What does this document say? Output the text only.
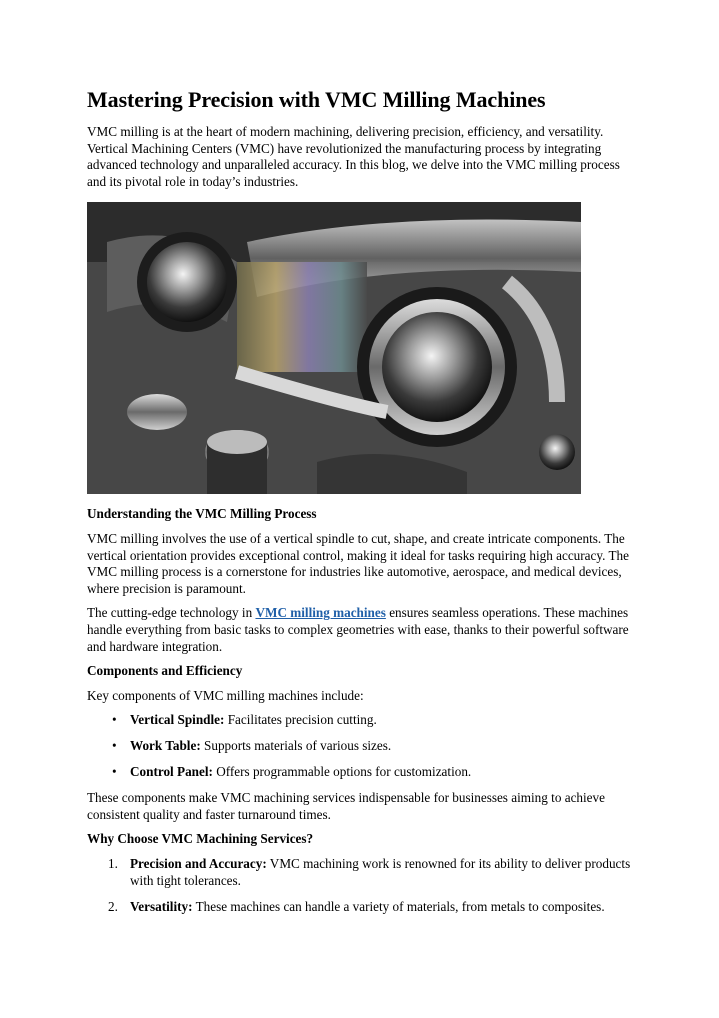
Mastering Precision with VMC Milling Machines

VMC milling is at the heart of modern machining, delivering precision, efficiency, and versatility. Vertical Machining Centers (VMC) have revolutionized the manufacturing process by integrating advanced technology and unparalleled accuracy. In this blog, we delve into the VMC milling process and its pivotal role in today’s industries.

Understanding the VMC Milling Process

VMC milling involves the use of a vertical spindle to cut, shape, and create intricate components. The vertical orientation provides exceptional control, making it ideal for tasks requiring high accuracy. The VMC milling process is a cornerstone for industries like automotive, aerospace, and medical devices, where precision is paramount.

The cutting-edge technology in VMC milling machines ensures seamless operations. These machines handle everything from basic tasks to complex geometries with ease, thanks to their powerful software and hardware integration.

Components and Efficiency

Key components of VMC milling machines include:

• Vertical Spindle: Facilitates precision cutting.
• Work Table: Supports materials of various sizes.
• Control Panel: Offers programmable options for customization.

These components make VMC machining services indispensable for businesses aiming to achieve consistent quality and faster turnaround times.

Why Choose VMC Machining Services?

1. Precision and Accuracy: VMC machining work is renowned for its ability to deliver products with tight tolerances.
2. Versatility: These machines can handle a variety of materials, from metals to composites.
